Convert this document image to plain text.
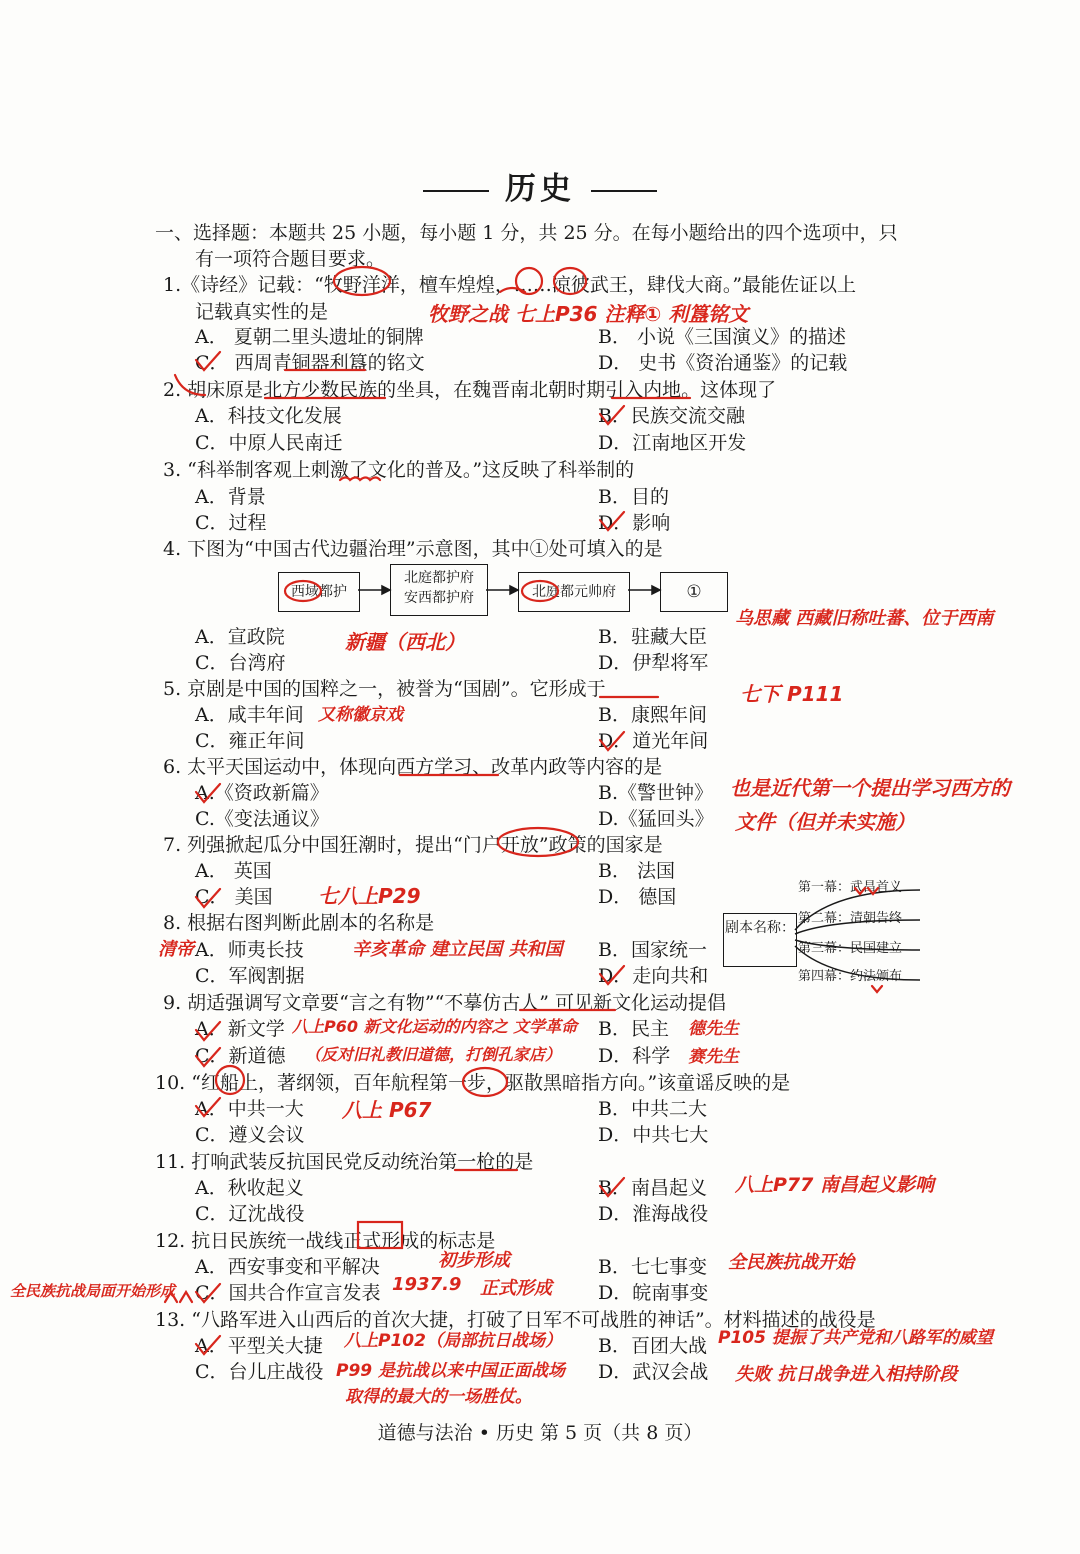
历史
一、选择题：本题共 25 小题，每小题 1 分，共 25 分。在每小题给出的四个选项中，只
有一项符合题目要求。
1.《诗经》记载：“牧野洋洋，檀车煌煌，……凉彼武王，肆伐大商。”最能佐证以上
记载真实性的是
A． 夏朝二里头遗址的铜牌	B． 小说《三国演义》的描述
C． 西周青铜器利簋的铭文	D． 史书《资治通鉴》的记载
2. 胡床原是北方少数民族的坐具，在魏晋南北朝时期引入内地。这体现了
A．科技文化发展	B．民族交流交融
C．中原人民南迁	D．江南地区开发
3. “科举制客观上刺激了文化的普及。”这反映了科举制的
A．背景	B．目的
C．过程	D．影响
4. 下图为“中国古代边疆治理”示意图，其中①处可填入的是
西域都护
北庭都护府
安西都护府	北庭都元帅府	①
A．宣政院	B．驻藏大臣
C．台湾府	D．伊犁将军
5. 京剧是中国的国粹之一，被誉为“国剧”。它形成于
A．咸丰年间	B．康熙年间
C．雍正年间	D．道光年间
6. 太平天国运动中，体现向西方学习、改革内政等内容的是
A.《资政新篇》	B.《警世钟》
C.《变法通议》	D.《猛回头》
7. 列强掀起瓜分中国狂潮时，提出“门户开放”政策的国家是
A． 英国	B． 法国
C． 美国	D． 德国
8. 根据右图判断此剧本的名称是
A．师夷长技	B．国家统一
C．军阀割据	D．走向共和
剧本名称：
第一幕：武昌首义
第二幕：清朝告终
第三幕：民国建立
第四幕：约法颁布
9. 胡适强调写文章要“言之有物”“不摹仿古人” 可见新文化运动提倡
A．新文学	B．民主
C．新道德	D．科学
10. “红船上，著纲领，百年航程第一步，驱散黑暗指方向。”该童谣反映的是
A．中共一大	B．中共二大
C．遵义会议	D．中共七大
11. 打响武装反抗国民党反动统治第一枪的是
A．秋收起义	B．南昌起义
C．辽沈战役	D．淮海战役
12. 抗日民族统一战线正式形成的标志是
A．西安事变和平解决	B．七七事变
C．国共合作宣言发表	D．皖南事变
13. “八路军进入山西后的首次大捷，打破了日军不可战胜的神话”。材料描述的战役是
A．平型关大捷	B．百团大战
C．台儿庄战役	D．武汉会战
道德与法治 • 历史 第 5 页（共 8 页）
牧野之战 七上P36 注释① 利簋铭文
新疆（西北）
乌思藏 西藏旧称吐蕃、位于西南
七下 P111
又称徽京戏
也是近代第一个提出学习西方的
文件（但并未实施）
七八上P29
辛亥革命 建立民国 共和国
清帝
八上P60 新文化运动的内容之 文学革命	德先生
（反对旧礼教旧道德，打倒孔家店）	赛先生
八上 P67
八上P77 南昌起义影响
初步形成	全民族抗战开始
1937.9 正式形成
全民族抗战局面开始形成
八上P102（局部抗日战场）	P105 提振了共产党和八路军的威望
P99 是抗战以来中国正面战场
取得的最大的一场胜仗。
失败 抗日战争进入相持阶段
